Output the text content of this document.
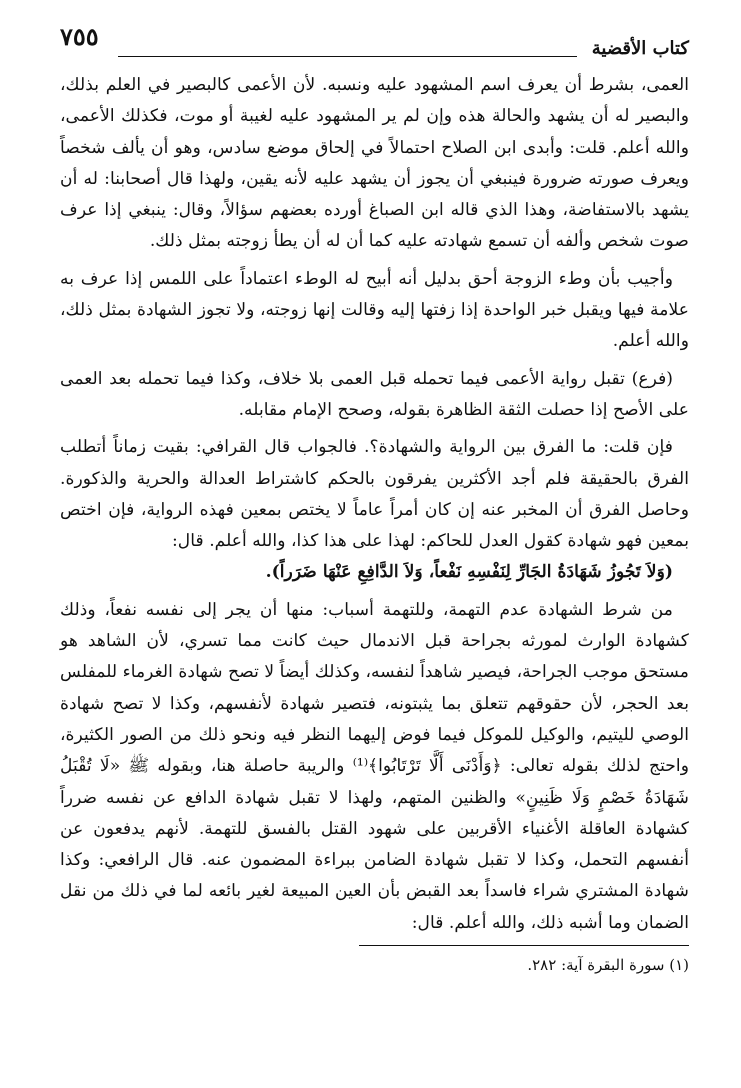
كتاب الأقضية
٧٥٥

العمى، بشرط أن يعرف اسم المشهود عليه ونسبه. لأن الأعمى كالبصير في العلم بذلك، والبصير له أن يشهد والحالة هذه وإن لم ير المشهود عليه لغيبة أو موت، فكذلك الأعمى، والله أعلم. قلت: وأبدى ابن الصلاح احتمالاً في إلحاق موضع سادس، وهو أن يألف شخصاً ويعرف صورته ضرورة فينبغي أن يجوز أن يشهد عليه لأنه يقين، ولهذا قال أصحابنا: له أن يشهد بالاستفاضة، وهذا الذي قاله ابن الصباغ أورده بعضهم سؤالاً، وقال: ينبغي إذا عرف صوت شخص وألفه أن تسمع شهادته عليه كما أن له أن يطأ زوجته بمثل ذلك.

وأجيب بأن وطء الزوجة أحق بدليل أنه أبيح له الوطء اعتماداً على اللمس إذا عرف به علامة فيها ويقبل خبر الواحدة إذا زفتها إليه وقالت إنها زوجته، ولا تجوز الشهادة بمثل ذلك، والله أعلم.

(فرع) تقبل رواية الأعمى فيما تحمله قبل العمى بلا خلاف، وكذا فيما تحمله بعد العمى على الأصح إذا حصلت الثقة الظاهرة بقوله، وصحح الإمام مقابله.

فإن قلت: ما الفرق بين الرواية والشهادة؟. فالجواب قال القرافي: بقيت زماناً أتطلب الفرق بالحقيقة فلم أجد الأكثرين يفرقون بالحكم كاشتراط العدالة والحرية والذكورة. وحاصل الفرق أن المخبر عنه إن كان أمراً عاماً لا يختص بمعين فهذه الرواية، فإن اختص بمعين فهو شهادة كقول العدل للحاكم: لهذا على هذا كذا، والله أعلم. قال:

(وَلاَ تَجُوزُ شَهَادَةُ الجَارِّ لِنَفْسِهِ نَفْعاً، وَلاَ الدَّافِعِ عَنْهَا ضَرَراً).

من شرط الشهادة عدم التهمة، وللتهمة أسباب: منها أن يجر إلى نفسه نفعاً، وذلك كشهادة الوارث لمورثه بجراحة قبل الاندمال حيث كانت مما تسري، لأن الشاهد هو مستحق موجب الجراحة، فيصير شاهداً لنفسه، وكذلك أيضاً لا تصح شهادة الغرماء للمفلس بعد الحجر، لأن حقوقهم تتعلق بما يثبتونه، فتصير شهادة لأنفسهم، وكذا لا تصح شهادة الوصي لليتيم، والوكيل للموكل فيما فوض إليهما النظر فيه ونحو ذلك من الصور الكثيرة، واحتج لذلك بقوله تعالى: ﴿وَأَدْنَى أَلَّا تَرْتَابُوا﴾⁽¹⁾ والريبة حاصلة هنا، وبقوله ﷺ «لَا تُقْبَلُ شَهَادَةُ خَصْمٍ وَلَا ظَنِينٍ» والظنين المتهم، ولهذا لا تقبل شهادة الدافع عن نفسه ضرراً كشهادة العاقلة الأغنياء الأقربين على شهود القتل بالفسق للتهمة. لأنهم يدفعون عن أنفسهم التحمل، وكذا لا تقبل شهادة الضامن ببراءة المضمون عنه. قال الرافعي: وكذا شهادة المشتري شراء فاسداً بعد القبض بأن العين المبيعة لغير بائعه لما في ذلك من نقل الضمان وما أشبه ذلك، والله أعلم. قال:

(١) سورة البقرة آية: ٢٨٢.
